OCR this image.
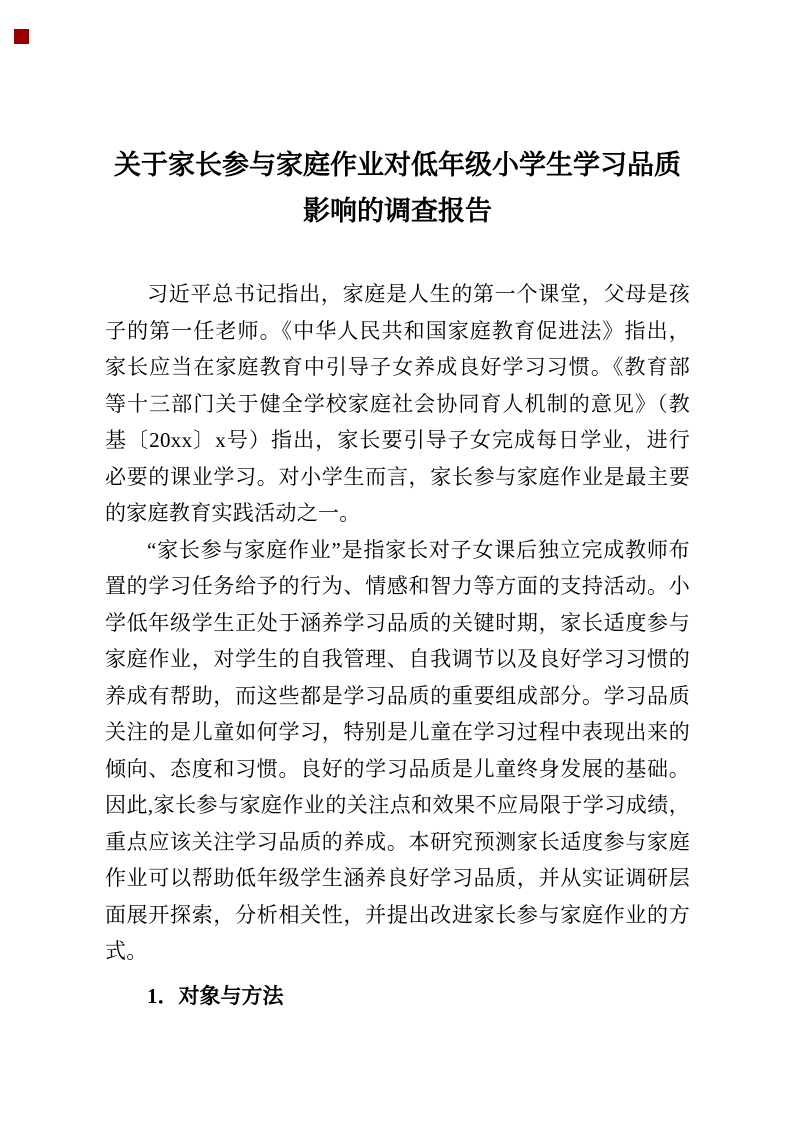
关于家长参与家庭作业对低年级小学生学习品质
影响的调查报告

习近平总书记指出，家庭是人生的第一个课堂，父母是孩子的第一任老师。《中华人民共和国家庭教育促进法》指出，家长应当在家庭教育中引导子女养成良好学习习惯。《教育部等十三部门关于健全学校家庭社会协同育人机制的意见》（教基〔20xx〕x号）指出，家长要引导子女完成每日学业，进行必要的课业学习。对小学生而言，家长参与家庭作业是最主要的家庭教育实践活动之一。

“家长参与家庭作业”是指家长对子女课后独立完成教师布置的学习任务给予的行为、情感和智力等方面的支持活动。小学低年级学生正处于涵养学习品质的关键时期，家长适度参与家庭作业，对学生的自我管理、自我调节以及良好学习习惯的养成有帮助，而这些都是学习品质的重要组成部分。学习品质关注的是儿童如何学习，特别是儿童在学习过程中表现出来的倾向、态度和习惯。良好的学习品质是儿童终身发展的基础。因此,家长参与家庭作业的关注点和效果不应局限于学习成绩，重点应该关注学习品质的养成。本研究预测家长适度参与家庭作业可以帮助低年级学生涵养良好学习品质，并从实证调研层面展开探索，分析相关性，并提出改进家长参与家庭作业的方式。

1．对象与方法
